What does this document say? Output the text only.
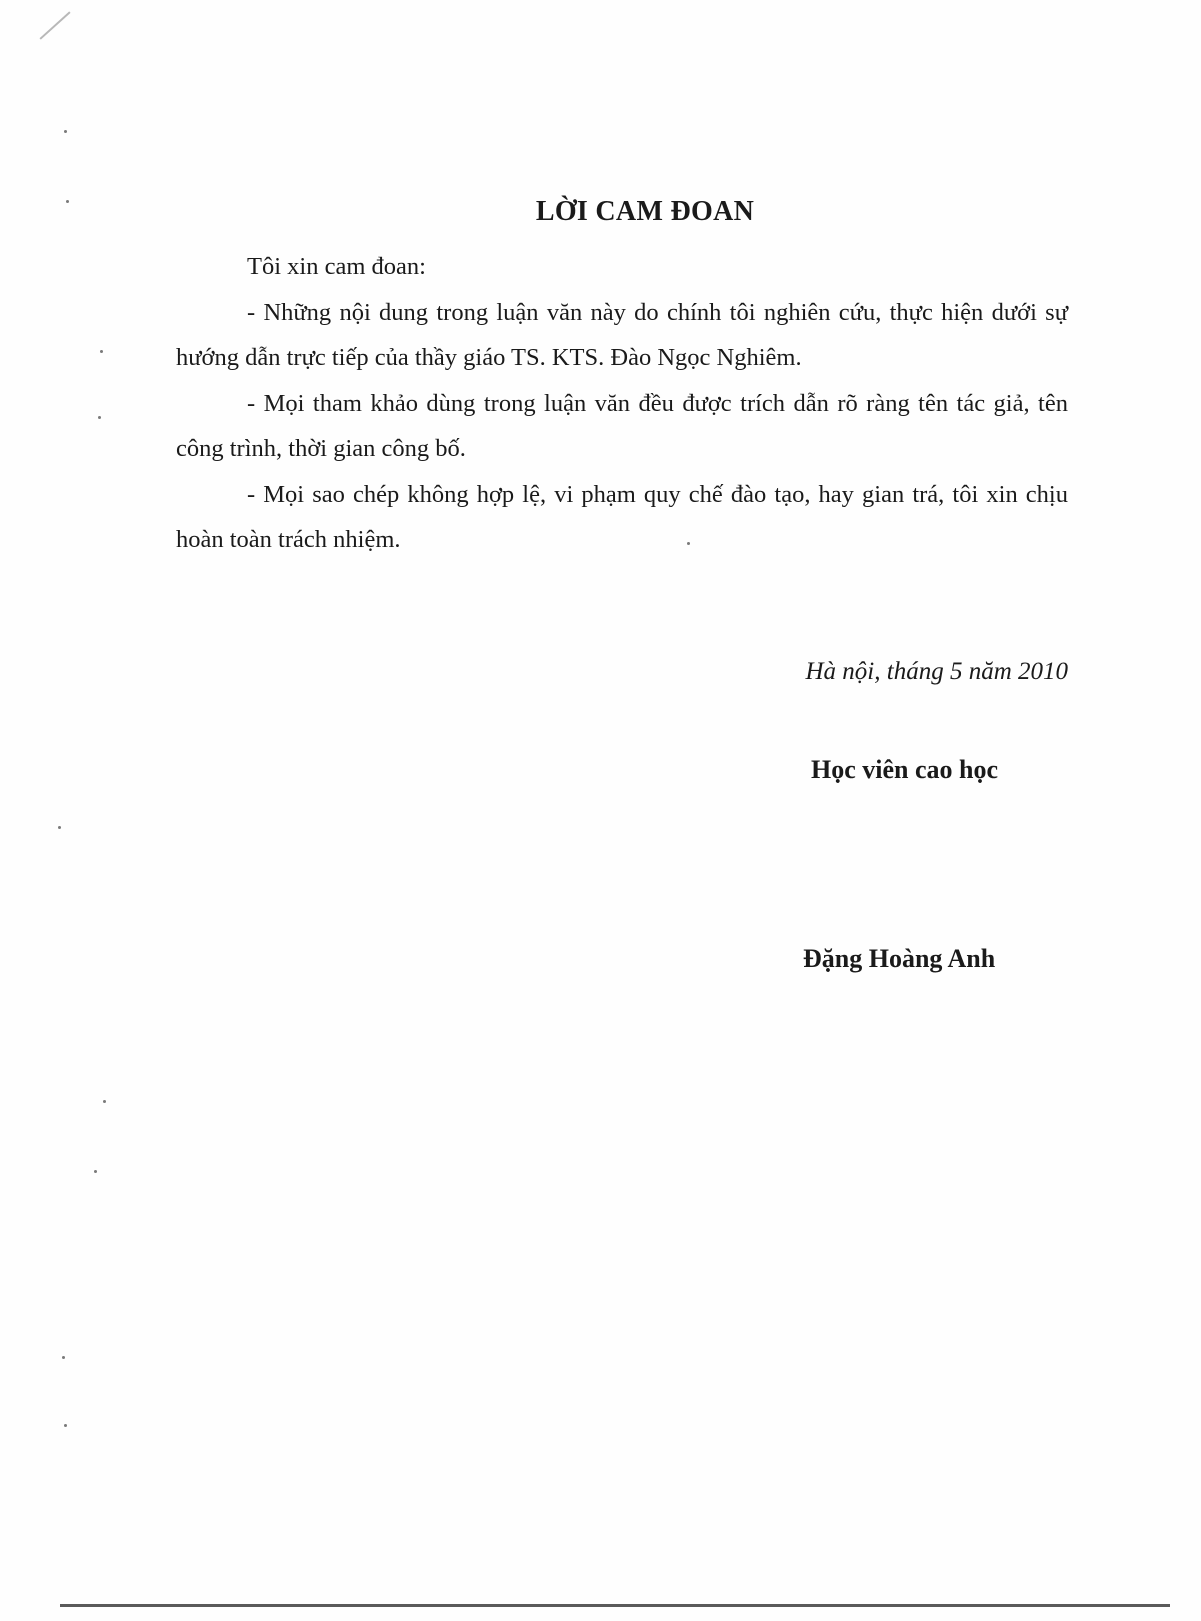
LỜI CAM ĐOAN

Tôi xin cam đoan:

- Những nội dung trong luận văn này do chính tôi nghiên cứu, thực hiện dưới sự hướng dẫn trực tiếp của thầy giáo TS. KTS. Đào Ngọc Nghiêm.

- Mọi tham khảo dùng trong luận văn đều được trích dẫn rõ ràng tên tác giả, tên công trình, thời gian công bố.

- Mọi sao chép không hợp lệ, vi phạm quy chế đào tạo, hay gian trá, tôi xin chịu hoàn toàn trách nhiệm.

Hà nội, tháng 5 năm 2010
Học viên cao học
Đặng Hoàng Anh
